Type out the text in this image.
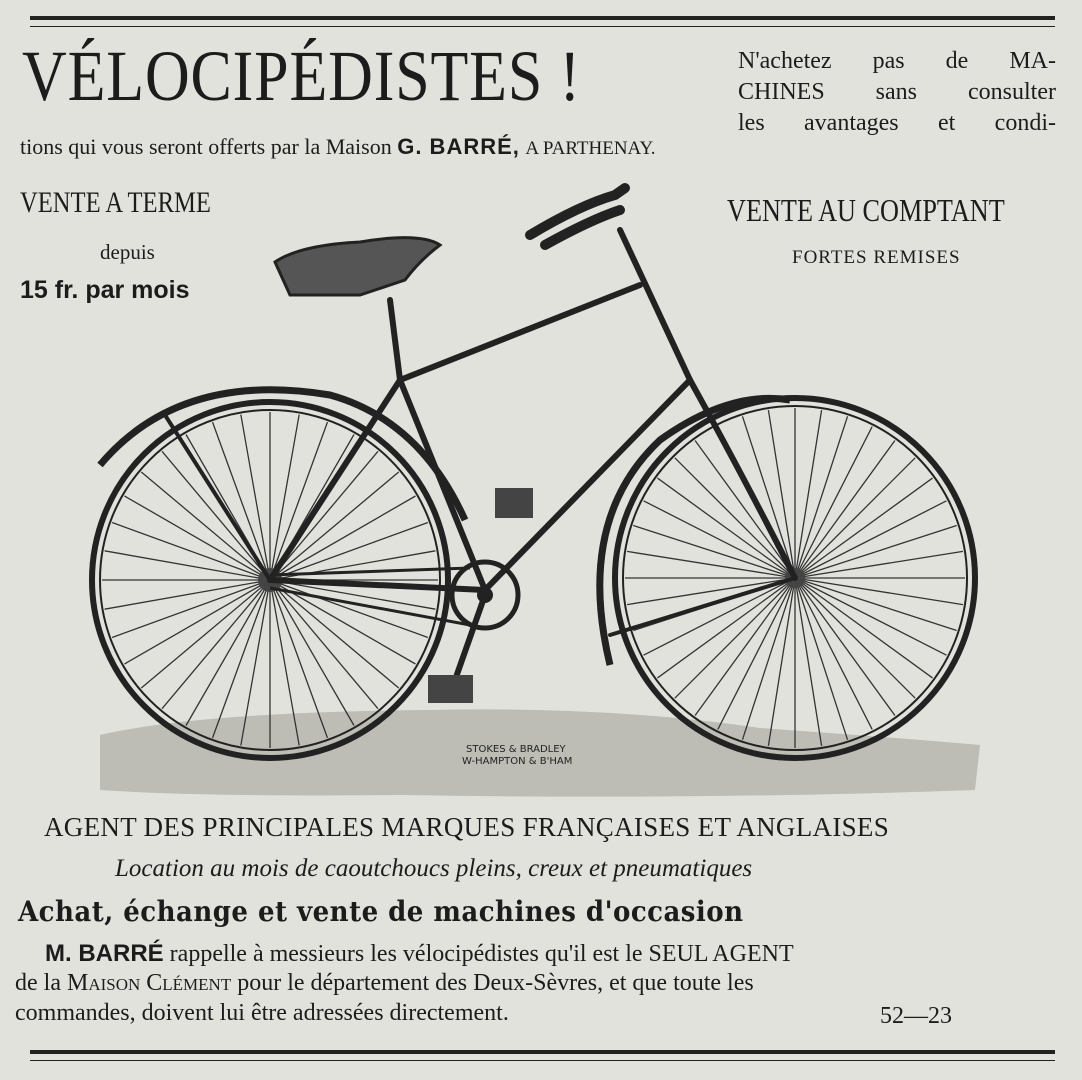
VÉLOCIPÉDISTES !	N'achetez pas de MA-
CHINES sans consulter
les avantages et condi-
tions qui vous seront offerts par la Maison G. BARRÉ, A PARTHENAY.
VENTE A TERME
depuis
15 fr. par mois
VENTE AU COMPTANT
FORTES REMISES
STOKES & BRADLEY
W-HAMPTON & B'HAM
AGENT DES PRINCIPALES MARQUES FRANÇAISES ET ANGLAISES
Location au mois de caoutchoucs pleins, creux et pneumatiques
Achat, échange et vente de machines d'occasion
M. BARRÉ rappelle à messieurs les vélocipédistes qu'il est le SEUL AGENT
de la Maison Clément pour le département des Deux-Sèvres, et que toute les
commandes, doivent lui être adressées directement.	52—23
